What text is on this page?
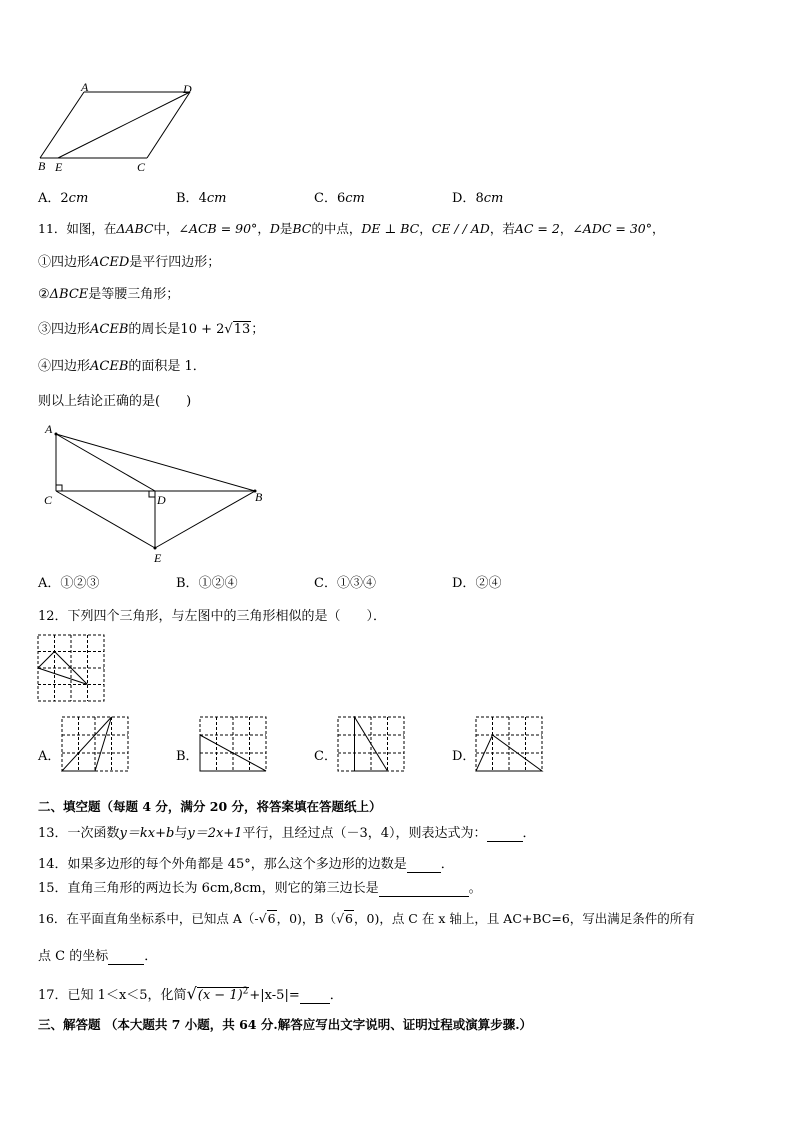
A	D
B E	C
A．2cm	B．4cm	C．6cm	D．8cm
11．如图，在ΔABC中，∠ACB = 90°，D是BC的中点，DE ⊥ BC，CE / / AD，若AC = 2，∠ADC = 30°，
①四边形ACED是平行四边形；
②ΔBCE是等腰三角形；
③四边形ACEB的周长是10 + 2√13；
④四边形ACEB的面积是 1．
则以上结论正确的是(　　)
A
C	D	B
E
A．①②③	B．①②④	C．①③④	D．②④
12．下列四个三角形，与左图中的三角形相似的是（　　）．
A．	B．	C．	D．
二、填空题（每题 4 分，满分 20 分，将答案填在答题纸上）
13．一次函数y＝kx+b与y＝2x+1平行，且经过点（－3，4），则表达式为：	．
14．如果多边形的每个外角都是 45°，那么这个多边形的边数是	．
15．直角三角形的两边长为 6cm,8cm，则它的第三边长是	。
16．在平面直角坐标系中，已知点 A（-√6，0)，B（√6，0)，点 C 在 x 轴上，且 AC+BC=6，写出满足条件的所有
点 C 的坐标	．
17．已知 1＜x＜5，化简$√(x - 1)^2+|x-5|=$ ．
三、解答题 （本大题共 7 小题，共 64 分.解答应写出文字说明、证明过程或演算步骤.）
